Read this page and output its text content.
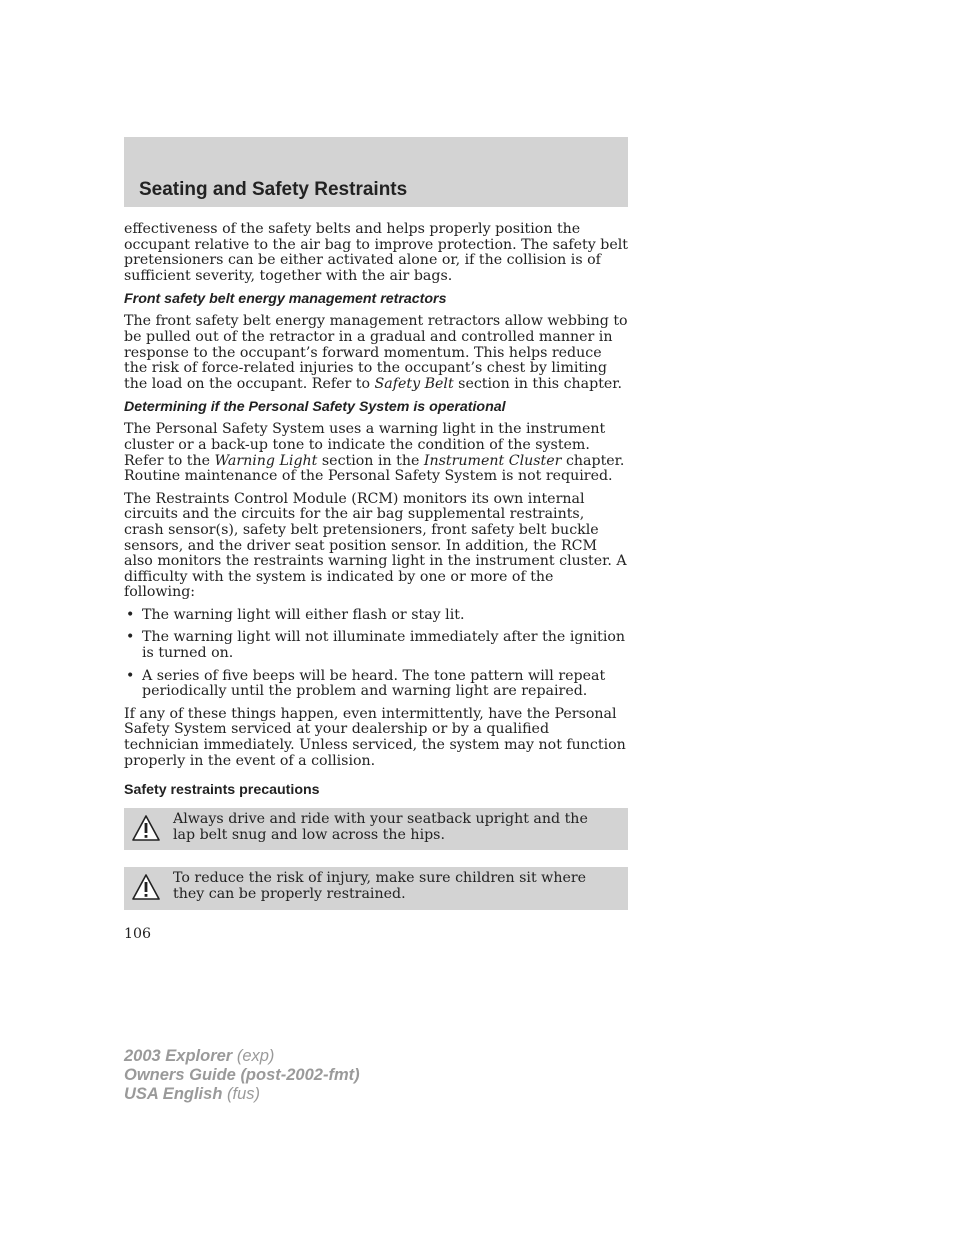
Seating and Safety Restraints

effectiveness of the safety belts and helps properly position the occupant relative to the air bag to improve protection. The safety belt pretensioners can be either activated alone or, if the collision is of sufficient severity, together with the air bags.

Front safety belt energy management retractors

The front safety belt energy management retractors allow webbing to be pulled out of the retractor in a gradual and controlled manner in response to the occupant’s forward momentum. This helps reduce the risk of force-related injuries to the occupant’s chest by limiting the load on the occupant. Refer to Safety Belt section in this chapter.

Determining if the Personal Safety System is operational

The Personal Safety System uses a warning light in the instrument cluster or a back-up tone to indicate the condition of the system. Refer to the Warning Light section in the Instrument Cluster chapter. Routine maintenance of the Personal Safety System is not required.

The Restraints Control Module (RCM) monitors its own internal circuits and the circuits for the air bag supplemental restraints, crash sensor(s), safety belt pretensioners, front safety belt buckle sensors, and the driver seat position sensor. In addition, the RCM also monitors the restraints warning light in the instrument cluster. A difficulty with the system is indicated by one or more of the following:

• The warning light will either flash or stay lit.
• The warning light will not illuminate immediately after the ignition is turned on.
• A series of five beeps will be heard. The tone pattern will repeat periodically until the problem and warning light are repaired.

If any of these things happen, even intermittently, have the Personal Safety System serviced at your dealership or by a qualified technician immediately. Unless serviced, the system may not function properly in the event of a collision.

Safety restraints precautions
Always drive and ride with your seatback upright and the lap belt snug and low across the hips.
To reduce the risk of injury, make sure children sit where they can be properly restrained.
106
2003 Explorer (exp)
Owners Guide (post-2002-fmt)
USA English (fus)
